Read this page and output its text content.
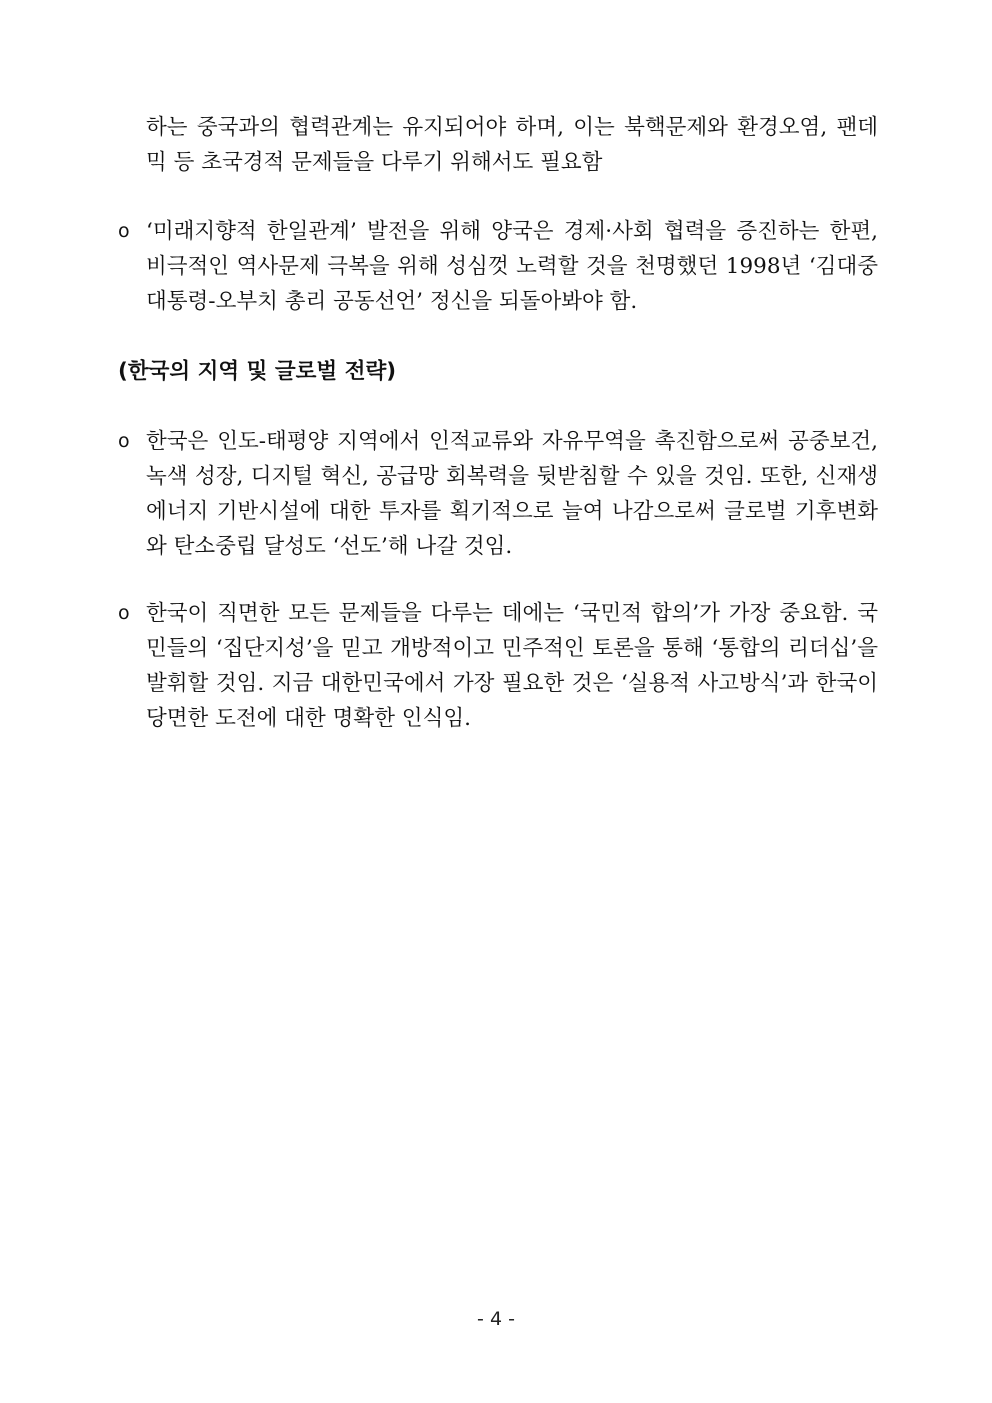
하는 중국과의 협력관계는 유지되어야 하며, 이는 북핵문제와 환경오염, 팬데믹 등 초국경적 문제들을 다루기 위해서도 필요함
o ‘미래지향적 한일관계’ 발전을 위해 양국은 경제·사회 협력을 증진하는 한편, 비극적인 역사문제 극복을 위해 성심껏 노력할 것을 천명했던 1998년 ‘김대중 대통령-오부치 총리 공동선언’ 정신을 되돌아봐야 함.
(한국의 지역 및 글로벌 전략)
o 한국은 인도-태평양 지역에서 인적교류와 자유무역을 촉진함으로써 공중보건, 녹색 성장, 디지털 혁신, 공급망 회복력을 뒷받침할 수 있을 것임. 또한, 신재생에너지 기반시설에 대한 투자를 획기적으로 늘여 나감으로써 글로벌 기후변화와 탄소중립 달성도 ‘선도’해 나갈 것임.
o 한국이 직면한 모든 문제들을 다루는 데에는 ‘국민적 합의’가 가장 중요함. 국민들의 ‘집단지성’을 믿고 개방적이고 민주적인 토론을 통해 ‘통합의 리더십’을 발휘할 것임. 지금 대한민국에서 가장 필요한 것은 ‘실용적 사고방식’과 한국이 당면한 도전에 대한 명확한 인식임.
- 4 -
